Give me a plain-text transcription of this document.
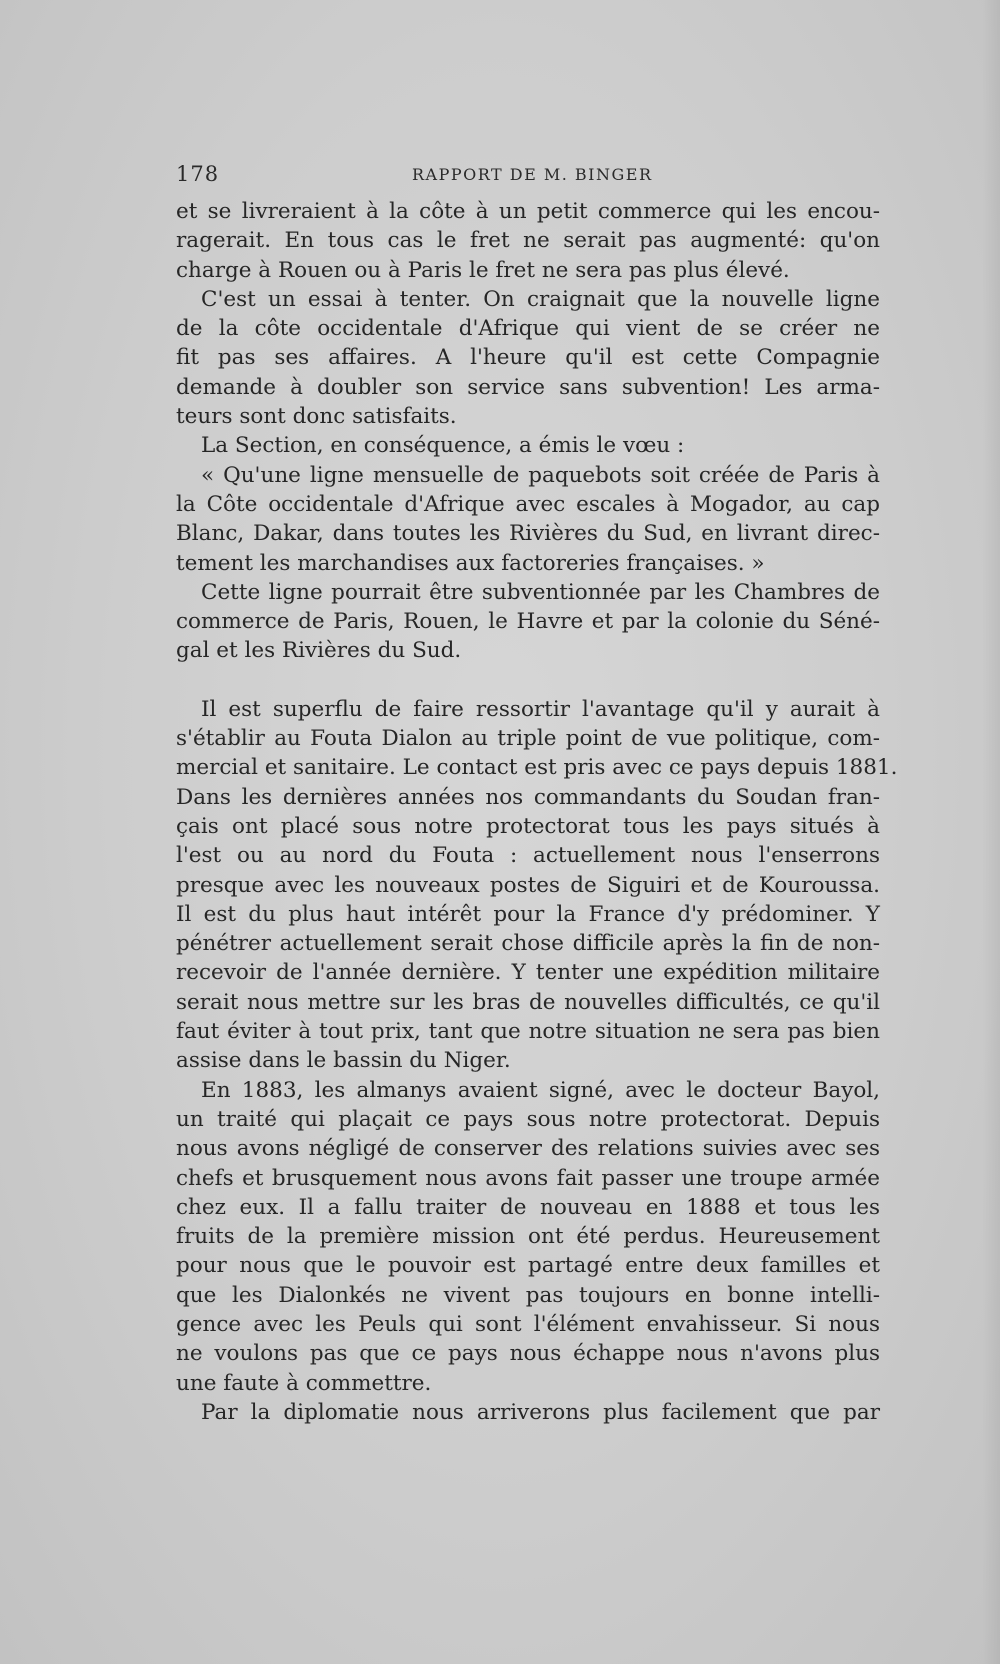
178	RAPPORT DE M. BINGER
et se livreraient à la côte à un petit commerce qui les encou-
ragerait. En tous cas le fret ne serait pas augmenté: qu'on
charge à Rouen ou à Paris le fret ne sera pas plus élevé.
C'est un essai à tenter. On craignait que la nouvelle ligne
de la côte occidentale d'Afrique qui vient de se créer ne
fit pas ses affaires. A l'heure qu'il est cette Compagnie
demande à doubler son service sans subvention! Les arma-
teurs sont donc satisfaits.
La Section, en conséquence, a émis le vœu :
« Qu'une ligne mensuelle de paquebots soit créée de Paris à
la Côte occidentale d'Afrique avec escales à Mogador, au cap
Blanc, Dakar, dans toutes les Rivières du Sud, en livrant direc-
tement les marchandises aux factoreries françaises. »
Cette ligne pourrait être subventionnée par les Chambres de
commerce de Paris, Rouen, le Havre et par la colonie du Séné-
gal et les Rivières du Sud.
Il est superflu de faire ressortir l'avantage qu'il y aurait à
s'établir au Fouta Dialon au triple point de vue politique, com-
mercial et sanitaire. Le contact est pris avec ce pays depuis 1881.
Dans les dernières années nos commandants du Soudan fran-
çais ont placé sous notre protectorat tous les pays situés à
l'est ou au nord du Fouta : actuellement nous l'enserrons
presque avec les nouveaux postes de Siguiri et de Kouroussa.
Il est du plus haut intérêt pour la France d'y prédominer. Y
pénétrer actuellement serait chose difficile après la fin de non-
recevoir de l'année dernière. Y tenter une expédition militaire
serait nous mettre sur les bras de nouvelles difficultés, ce qu'il
faut éviter à tout prix, tant que notre situation ne sera pas bien
assise dans le bassin du Niger.
En 1883, les almanys avaient signé, avec le docteur Bayol,
un traité qui plaçait ce pays sous notre protectorat. Depuis
nous avons négligé de conserver des relations suivies avec ses
chefs et brusquement nous avons fait passer une troupe armée
chez eux. Il a fallu traiter de nouveau en 1888 et tous les
fruits de la première mission ont été perdus. Heureusement
pour nous que le pouvoir est partagé entre deux familles et
que les Dialonkés ne vivent pas toujours en bonne intelli-
gence avec les Peuls qui sont l'élément envahisseur. Si nous
ne voulons pas que ce pays nous échappe nous n'avons plus
une faute à commettre.
Par la diplomatie nous arriverons plus facilement que par
